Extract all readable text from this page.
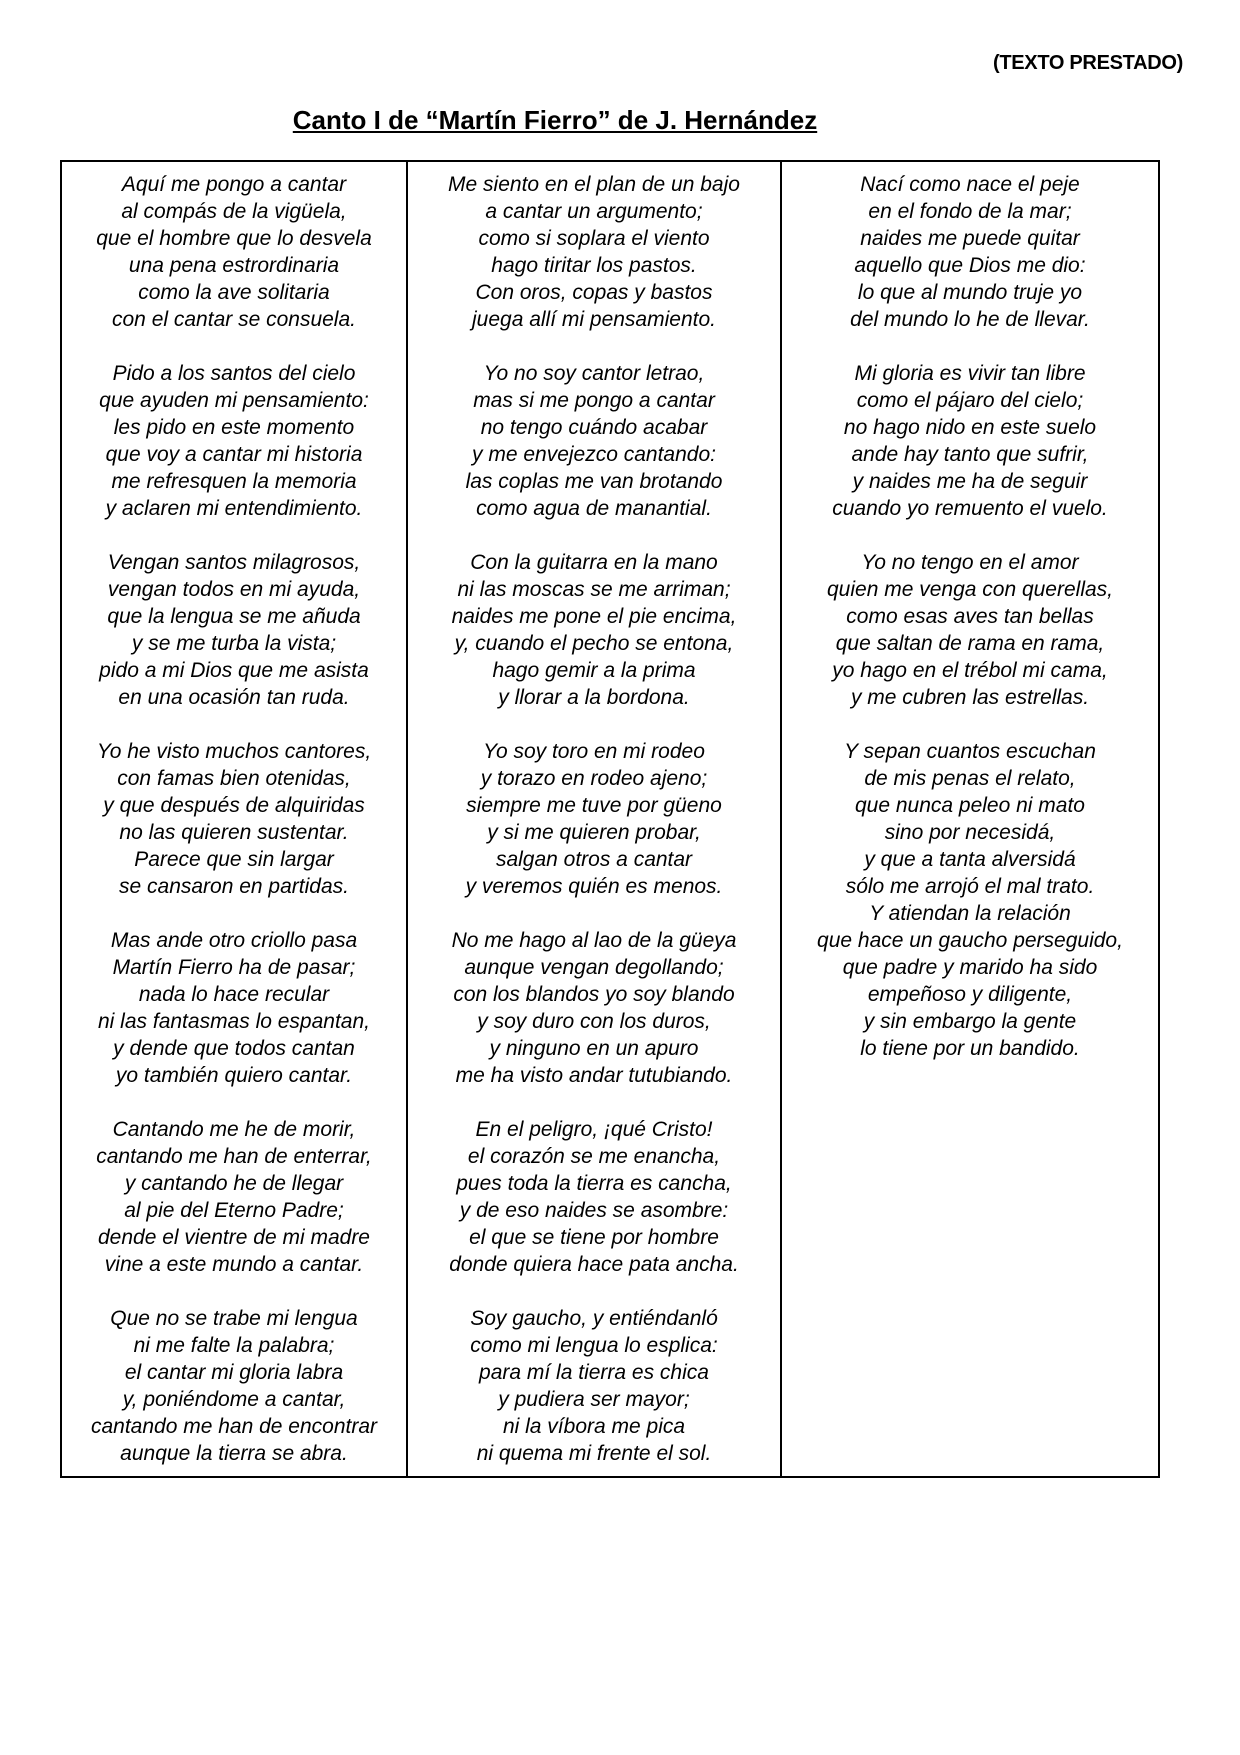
(TEXTO PRESTADO)
Canto I de “Martín Fierro” de J. Hernández

Aquí me pongo a cantar
al compás de la vigüela,
que el hombre que lo desvela
una pena estrordinaria
como la ave solitaria
con el cantar se consuela.

Pido a los santos del cielo
que ayuden mi pensamiento:
les pido en este momento
que voy a cantar mi historia
me refresquen la memoria
y aclaren mi entendimiento.

Vengan santos milagrosos,
vengan todos en mi ayuda,
que la lengua se me añuda
y se me turba la vista;
pido a mi Dios que me asista
en una ocasión tan ruda.

Yo he visto muchos cantores,
con famas bien otenidas,
y que después de alquiridas
no las quieren sustentar.
Parece que sin largar
se cansaron en partidas.

Mas ande otro criollo pasa
Martín Fierro ha de pasar;
nada lo hace recular
ni las fantasmas lo espantan,
y dende que todos cantan
yo también quiero cantar.

Cantando me he de morir,
cantando me han de enterrar,
y cantando he de llegar
al pie del Eterno Padre;
dende el vientre de mi madre
vine a este mundo a cantar.

Que no se trabe mi lengua
ni me falte la palabra;
el cantar mi gloria labra
y, poniéndome a cantar,
cantando me han de encontrar
aunque la tierra se abra.

Me siento en el plan de un bajo
a cantar un argumento;
como si soplara el viento
hago tiritar los pastos.
Con oros, copas y bastos
juega allí mi pensamiento.

Yo no soy cantor letrao,
mas si me pongo a cantar
no tengo cuándo acabar
y me envejezco cantando:
las coplas me van brotando
como agua de manantial.

Con la guitarra en la mano
ni las moscas se me arriman;
naides me pone el pie encima,
y, cuando el pecho se entona,
hago gemir a la prima
y llorar a la bordona.

Yo soy toro en mi rodeo
y torazo en rodeo ajeno;
siempre me tuve por güeno
y si me quieren probar,
salgan otros a cantar
y veremos quién es menos.

No me hago al lao de la güeya
aunque vengan degollando;
con los blandos yo soy blando
y soy duro con los duros,
y ninguno en un apuro
me ha visto andar tutubiando.

En el peligro, ¡qué Cristo!
el corazón se me enancha,
pues toda la tierra es cancha,
y de eso naides se asombre:
el que se tiene por hombre
donde quiera hace pata ancha.

Soy gaucho, y entiéndanló
como mi lengua lo esplica:
para mí la tierra es chica
y pudiera ser mayor;
ni la víbora me pica
ni quema mi frente el sol.

Nací como nace el peje
en el fondo de la mar;
naides me puede quitar
aquello que Dios me dio:
lo que al mundo truje yo
del mundo lo he de llevar.

Mi gloria es vivir tan libre
como el pájaro del cielo;
no hago nido en este suelo
ande hay tanto que sufrir,
y naides me ha de seguir
cuando yo remuento el vuelo.

Yo no tengo en el amor
quien me venga con querellas,
como esas aves tan bellas
que saltan de rama en rama,
yo hago en el trébol mi cama,
y me cubren las estrellas.

Y sepan cuantos escuchan
de mis penas el relato,
que nunca peleo ni mato
sino por necesidá,
y que a tanta alversidá
sólo me arrojó el mal trato.
Y atiendan la relación
que hace un gaucho perseguido,
que padre y marido ha sido
empeñoso y diligente,
y sin embargo la gente
lo tiene por un bandido.
